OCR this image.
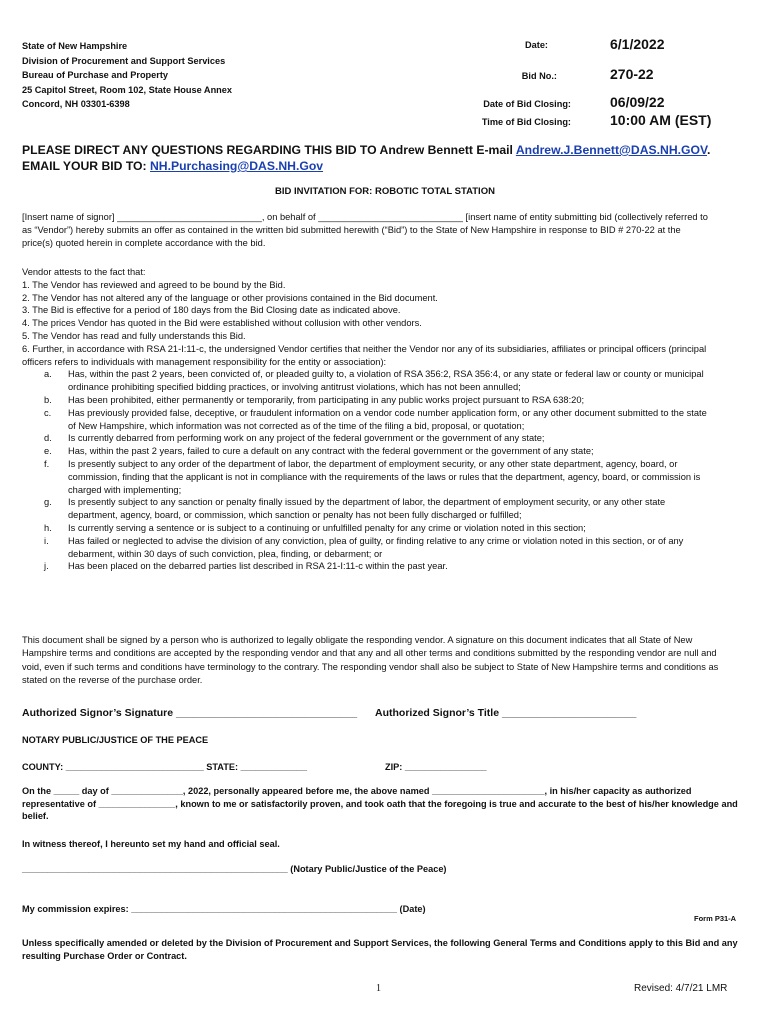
State of New Hampshire
Division of Procurement and Support Services
Bureau of Purchase and Property
25 Capitol Street, Room 102, State House Annex
Concord, NH 03301-6398
Date:	6/1/2022
Bid No.:	270-22
Date of Bid Closing:	06/09/22
Time of Bid Closing:	10:00 AM (EST)
PLEASE DIRECT ANY QUESTIONS REGARDING THIS BID TO Andrew Bennett E-mail Andrew.J.Bennett@DAS.NH.GOV.
EMAIL YOUR BID TO: NH.Purchasing@DAS.NH.Gov
BID INVITATION FOR: ROBOTIC TOTAL STATION
[Insert name of signor] ____________________________, on behalf of ____________________________ [insert name of entity submitting bid (collectively referred to as “Vendor”) hereby submits an offer as contained in the written bid submitted herewith (“Bid”) to the State of New Hampshire in response to BID # 270-22 at the price(s) quoted herein in complete accordance with the bid.
Vendor attests to the fact that:
1. The Vendor has reviewed and agreed to be bound by the Bid.
2. The Vendor has not altered any of the language or other provisions contained in the Bid document.
3. The Bid is effective for a period of 180 days from the Bid Closing date as indicated above.
4. The prices Vendor has quoted in the Bid were established without collusion with other vendors.
5. The Vendor has read and fully understands this Bid.
6. Further, in accordance with RSA 21-I:11-c, the undersigned Vendor certifies that neither the Vendor nor any of its subsidiaries, affiliates or principal officers (principal officers refers to individuals with management responsibility for the entity or association):
a.	Has, within the past 2 years, been convicted of, or pleaded guilty to, a violation of RSA 356:2, RSA 356:4, or any state or federal law or county or municipal ordinance prohibiting specified bidding practices, or involving antitrust violations, which has not been annulled;
b.	Has been prohibited, either permanently or temporarily, from participating in any public works project pursuant to RSA 638:20;
c.	Has previously provided false, deceptive, or fraudulent information on a vendor code number application form, or any other document submitted to the state of New Hampshire, which information was not corrected as of the time of the filing a bid, proposal, or quotation;
d.	Is currently debarred from performing work on any project of the federal government or the government of any state;
e.	Has, within the past 2 years, failed to cure a default on any contract with the federal government or the government of any state;
f.	Is presently subject to any order of the department of labor, the department of employment security, or any other state department, agency, board, or commission, finding that the applicant is not in compliance with the requirements of the laws or rules that the department, agency, board, or commission is charged with implementing;
g.	Is presently subject to any sanction or penalty finally issued by the department of labor, the department of employment security, or any other state department, agency, board, or commission, which sanction or penalty has not been fully discharged or fulfilled;
h.	Is currently serving a sentence or is subject to a continuing or unfulfilled penalty for any crime or violation noted in this section;
i.	Has failed or neglected to advise the division of any conviction, plea of guilty, or finding relative to any crime or violation noted in this section, or of any debarment, within 30 days of such conviction, plea, finding, or debarment; or
j.	Has been placed on the debarred parties list described in RSA 21-I:11-c within the past year.
This document shall be signed by a person who is authorized to legally obligate the responding vendor. A signature on this document indicates that all State of New Hampshire terms and conditions are accepted by the responding vendor and that any and all other terms and conditions submitted by the responding vendor are null and void, even if such terms and conditions have terminology to the contrary. The responding vendor shall also be subject to State of New Hampshire terms and conditions as stated on the reverse of the purchase order.
Authorized Signor’s Signature _______________________________ Authorized Signor’s Title _______________________
NOTARY PUBLIC/JUSTICE OF THE PEACE
COUNTY: ___________________________ STATE: _____________	ZIP: ________________
On the _____ day of ______________, 2022, personally appeared before me, the above named ______________________, in his/her capacity as authorized representative of _______________, known to me or satisfactorily proven, and took oath that the foregoing is true and accurate to the best of his/her knowledge and belief.
In witness thereof, I hereunto set my hand and official seal.
____________________________________________________ (Notary Public/Justice of the Peace)
My commission expires: ____________________________________________________ (Date)
Form P31-A
Unless specifically amended or deleted by the Division of Procurement and Support Services, the following General Terms and Conditions apply to this Bid and any resulting Purchase Order or Contract.
1	Revised: 4/7/21 LMR
